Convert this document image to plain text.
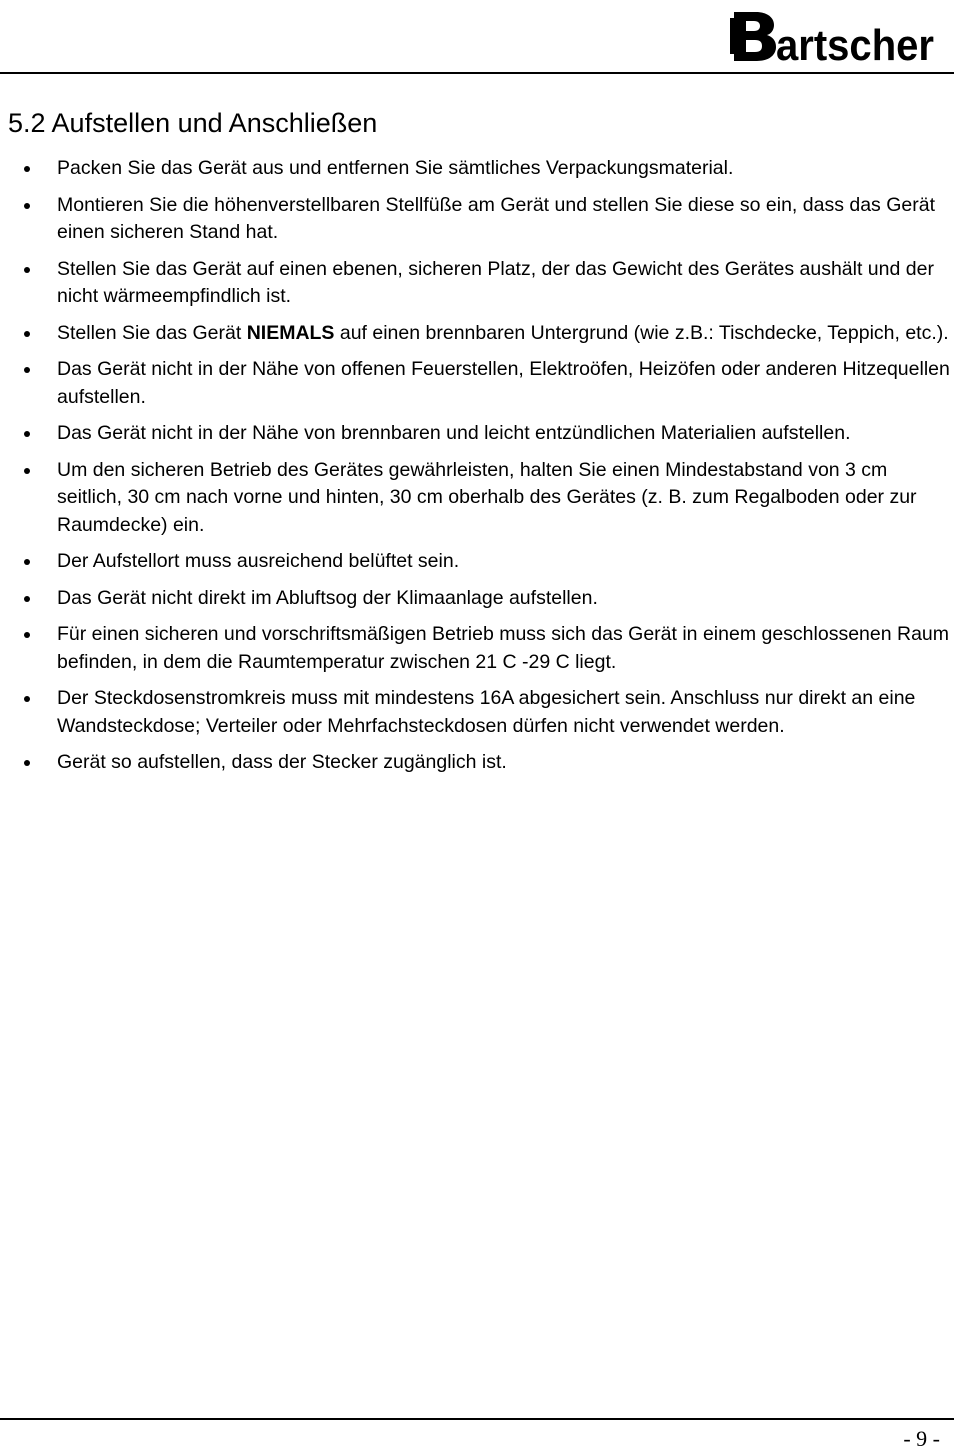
artscher
5.2 Aufstellen und Anschließen
Packen Sie das Gerät aus und entfernen Sie sämtliches Verpackungsmaterial.
Montieren Sie die höhenverstellbaren Stellfüße am Gerät und stellen Sie diese so ein, dass das Gerät einen sicheren Stand hat.
Stellen Sie das Gerät auf einen ebenen, sicheren Platz, der das Gewicht des Gerätes aushält und der nicht wärmeempfindlich ist.
Stellen Sie das Gerät NIEMALS auf einen brennbaren Untergrund (wie z.B.: Tischdecke, Teppich, etc.).
Das Gerät nicht in der Nähe von offenen Feuerstellen, Elektroöfen, Heizöfen oder anderen Hitzequellen aufstellen.
Das Gerät nicht in der Nähe von brennbaren und leicht entzündlichen Materialien aufstellen.
Um den sicheren Betrieb des Gerätes gewährleisten, halten Sie einen Mindestabstand von 3 cm seitlich, 30 cm nach vorne und hinten, 30 cm oberhalb des Gerätes (z. B. zum Regalboden oder zur Raumdecke) ein.
Der Aufstellort muss ausreichend belüftet sein.
Das Gerät nicht direkt im Abluftsog der Klimaanlage aufstellen.
Für einen sicheren und vorschriftsmäßigen Betrieb muss sich das Gerät in einem geschlossenen Raum befinden, in dem die Raumtemperatur zwischen 21 C -29 C liegt.
Der Steckdosenstromkreis muss mit mindestens 16A abgesichert sein. Anschluss nur direkt an eine Wandsteckdose; Verteiler oder Mehrfachsteckdosen dürfen nicht verwendet werden.
Gerät so aufstellen, dass der Stecker zugänglich ist.
- 9 -
